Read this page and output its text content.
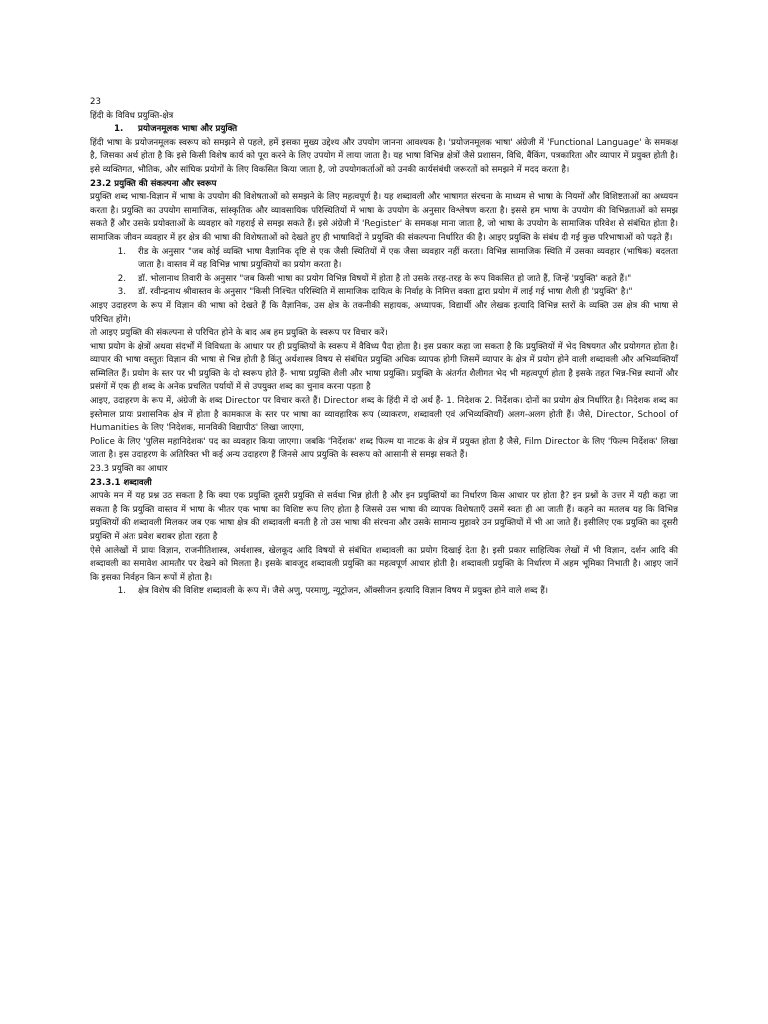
23

हिंदी के विविध प्रयुक्ति-क्षेत्र

1.	प्रयोजनमूलक भाषा और प्रयुक्ति

हिंदी भाषा के प्रयोजनमूलक स्वरूप को समझने से पहले, हमें इसका मुख्य उद्देश्य और उपयोग जानना आवश्यक है। 'प्रयोजनमूलक भाषा' अंग्रेजी में 'Functional Language' के समकक्ष है, जिसका अर्थ होता है कि इसे किसी विशेष कार्य को पूरा करने के लिए उपयोग में लाया जाता है। यह भाषा विभिन्न क्षेत्रों जैसे प्रशासन, विधि, बैंकिंग, पत्रकारिता और व्यापार में प्रयुक्त होती है। इसे व्यक्तिगत, भौतिक, और सांघिक प्रयोगों के लिए विकसित किया जाता है, जो उपयोगकर्ताओं को उनकी कार्यसंबंधी जरूरतों को समझने में मदद करता है।

23.2 प्रयुक्ति की संकल्पना और स्वरूप

प्रयुक्ति शब्द भाषा-विज्ञान में भाषा के उपयोग की विशेषताओं को समझने के लिए महत्वपूर्ण है। यह शब्दावली और भाषागत संरचना के माध्यम से भाषा के नियमों और विशिष्टताओं का अध्ययन करता है। प्रयुक्ति का उपयोग सामाजिक, सांस्कृतिक और व्यावसायिक परिस्थितियों में भाषा के उपयोग के अनुसार विश्लेषण करता है। इससे हम भाषा के उपयोग की विभिन्नताओं को समझ सकते हैं और उसके प्रयोक्ताओं के व्यवहार को गहराई से समझ सकते हैं। इसे अंग्रेजी में 'Register' के समकक्ष माना जाता है, जो भाषा के उपयोग के सामाजिक परिवेश से संबंधित होता है। सामाजिक जीवन व्यवहार में हर क्षेत्र की भाषा की विशेषताओं को देखते हुए ही भाषाविदों ने प्रयुक्ति की संकल्पना निर्धारित की है। आइए प्रयुक्ति के संबंध दी गई कुछ परिभाषाओं को पढ़ते हैं।

1.	रीड के अनुसार "जब कोई व्यक्ति भाषा वैज्ञानिक दृष्टि से एक जैसी स्थितियों में एक जैसा व्यवहार नहीं करता। विभिन्न सामाजिक स्थिति में उसका व्यवहार (भाषिक) बदलता जाता है। वास्तव में वह विभिन्न भाषा प्रयुक्तियों का प्रयोग करता है।
2.	डॉ. भोलानाथ तिवारी के अनुसार "जब किसी भाषा का प्रयोग विभिन्न विषयों में होता है तो उसके तरह-तरह के रूप विकसित हो जाते हैं, जिन्हें 'प्रयुक्ति' कहते हैं।"
3.	डॉ. रवीन्द्रनाथ श्रीवास्तव के अनुसार "किसी निश्चित परिस्थिति में सामाजिक दायित्व के निर्वाह के निमित्त वक्ता द्वारा प्रयोग में लाई गई भाषा शैली ही 'प्रयुक्ति' है।"

आइए उदाहरण के रूप में विज्ञान की भाषा को देखते हैं कि वैज्ञानिक, उस क्षेत्र के तकनीकी सहायक, अध्यापक, विद्यार्थी और लेखक इत्यादि विभिन्न स्तरों के व्यक्ति उस क्षेत्र की भाषा से परिचित होंगे।

तो आइए प्रयुक्ति की संकल्पना से परिचित होने के बाद अब हम प्रयुक्ति के स्वरूप पर विचार करें।

भाषा प्रयोग के क्षेत्रों अथवा संदर्भों में विविधता के आधार पर ही प्रयुक्तियों के स्वरूप में वैविध्य पैदा होता है। इस प्रकार कहा जा सकता है कि प्रयुक्तियों में भेद विषयगत और प्रयोगगत होता है। व्यापार की भाषा वस्तुतः विज्ञान की भाषा से भिन्न होती है किंतु अर्थशास्त्र विषय से संबंधित प्रयुक्ति अधिक व्यापक होगी जिसमें व्यापार के क्षेत्र में प्रयोग होने वाली शब्दावली और अभिव्यक्तियाँ सम्मिलित हैं। प्रयोग के स्तर पर भी प्रयुक्ति के दो स्वरूप होते हैं- भाषा प्रयुक्ति शैली और भाषा प्रयुक्ति। प्रयुक्ति के अंतर्गत शैलीगत भेद भी महत्वपूर्ण होता है इसके तहत भिन्न-भिन्न स्थानों और प्रसंगों में एक ही शब्द के अनेक प्रचलित पर्यायों में से उपयुक्त शब्द का चुनाव करना पड़ता है

आइए, उदाहरण के रूप में, अंग्रेजी के शब्द Director पर विचार करते हैं। Director शब्द के हिंदी में दो अर्थ हैं- 1. निदेशक 2. निर्देशक। दोनों का प्रयोग क्षेत्र निर्धारित है। निदेशक शब्द का इस्तेमाल प्रायः प्रशासनिक क्षेत्र में होता है कामकाज के स्तर पर भाषा का व्यावहारिक रूप (व्याकरण, शब्दावली एवं अभिव्यक्तियाँ) अलग-अलग होती हैं। जैसे, Director, School of Humanities के लिए 'निदेशक, मानविकी विद्यापीठ' लिखा जाएगा,

Police के लिए 'पुलिस महानिदेशक' पद का व्यवहार किया जाएगा। जबकि 'निर्देशक' शब्द फिल्म या नाटक के क्षेत्र में प्रयुक्त होता है जैसे, Film Director के लिए 'फिल्म निर्देशक' लिखा जाता है। इस उदाहरण के अतिरिक्त भी कई अन्य उदाहरण हैं जिनसे आप प्रयुक्ति के स्वरूप को आसानी से समझ सकते हैं।

23.3 प्रयुक्ति का आधार

23.3.1 शब्दावली

आपके मन में यह प्रश्न उठ सकता है कि क्या एक प्रयुक्ति दूसरी प्रयुक्ति से सर्वथा भिन्न होती है और इन प्रयुक्तियों का निर्धारण किस आधार पर होता है? इन प्रश्नों के उत्तर में यही कहा जा सकता है कि प्रयुक्ति वास्तव में भाषा के भीतर एक भाषा का विशिष्ट रूप लिए होता है जिससे उस भाषा की व्यापक विशेषताएँ उसमें स्वतः ही आ जाती हैं। कहने का मतलब यह कि विभिन्न प्रयुक्तियों की शब्दावली मिलकर जब एक भाषा क्षेत्र की शब्दावली बनती है तो उस भाषा की संरचना और उसके सामान्य मुहावरे उन प्रयुक्तियों में भी आ जाते हैं। इसीलिए एक प्रयुक्ति का दूसरी प्रयुक्ति में अंतः प्रवेश बराबर होता रहता है

ऐसे आलेखों में प्रायः विज्ञान, राजनीतिशास्त्र, अर्थशास्त्र, खेलकूद आदि विषयों से संबंधित शब्दावली का प्रयोग दिखाई देता है। इसी प्रकार साहित्यिक लेखों में भी विज्ञान, दर्शन आदि की शब्दावली का समावेश आमतौर पर देखने को मिलता है। इसके बावजूद शब्दावली प्रयुक्ति का महत्वपूर्ण आधार होती है। शब्दावली प्रयुक्ति के निर्धारण में अहम भूमिका निभाती है। आइए जानें कि इसका निर्वहन किन रूपों में होता है।

1.	क्षेत्र विशेष की विशिष्ट शब्दावली के रूप में। जैसे अणु, परमाणु, न्यूट्रोजन, ऑक्सीजन इत्यादि विज्ञान विषय में प्रयुक्त होने वाले शब्द हैं।
